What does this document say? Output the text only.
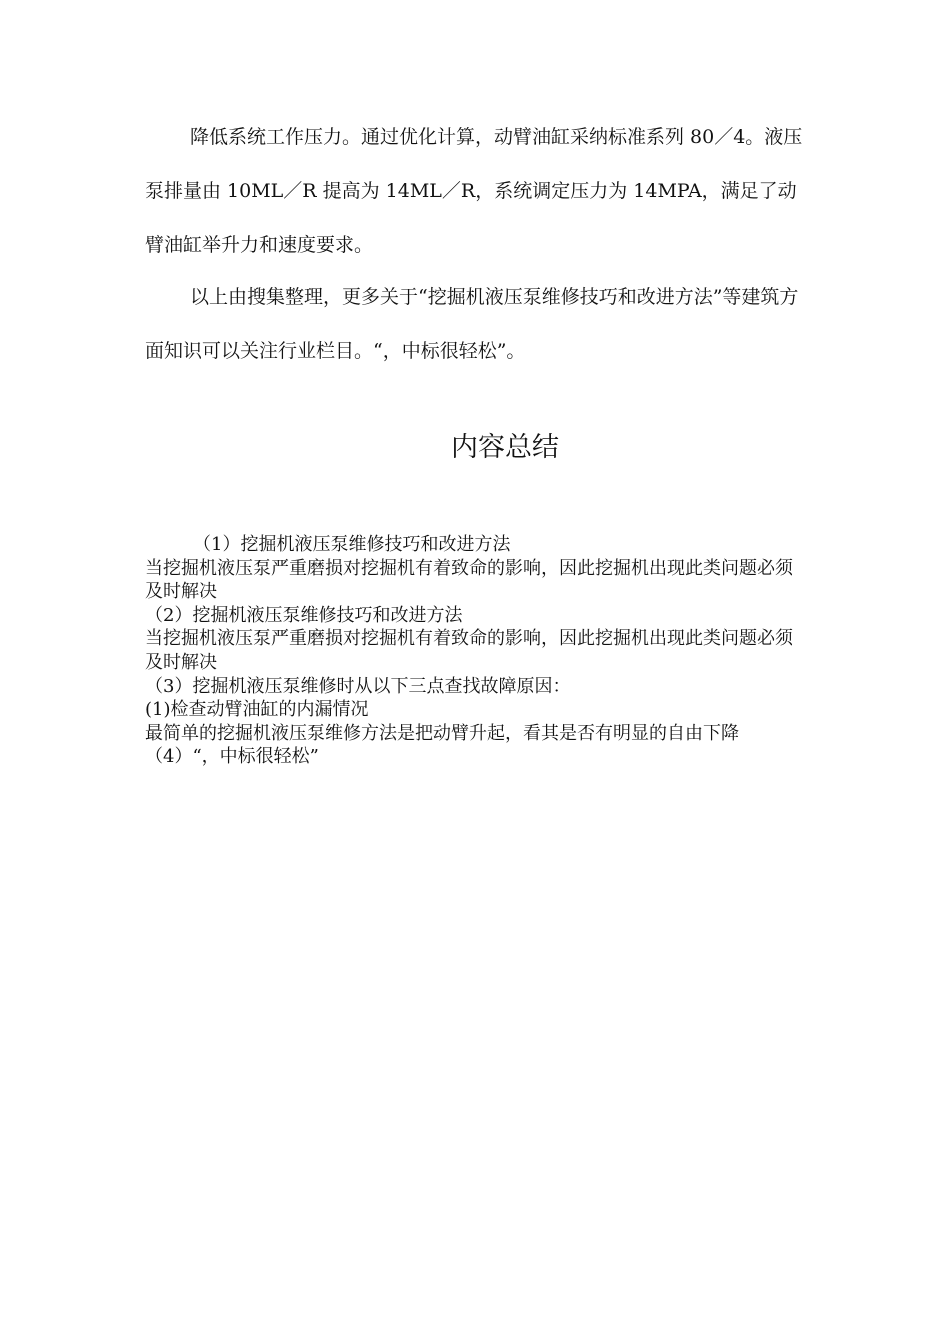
降低系统工作压力。通过优化计算，动臂油缸采纳标准系列 80／4。液压泵排量由 10ML／R 提高为 14ML／R，系统调定压力为 14MPA，满足了动臂油缸举升力和速度要求。

以上由搜集整理，更多关于“挖掘机液压泵维修技巧和改进方法”等建筑方面知识可以关注行业栏目。“，中标很轻松”。

内容总结
（1）挖掘机液压泵维修技巧和改进方法
当挖掘机液压泵严重磨损对挖掘机有着致命的影响，因此挖掘机出现此类问题必须及时解决
（2）挖掘机液压泵维修技巧和改进方法
当挖掘机液压泵严重磨损对挖掘机有着致命的影响，因此挖掘机出现此类问题必须及时解决
（3）挖掘机液压泵维修时从以下三点查找故障原因：
(1)检查动臂油缸的内漏情况
最简单的挖掘机液压泵维修方法是把动臂升起，看其是否有明显的自由下降
（4）“，中标很轻松”
